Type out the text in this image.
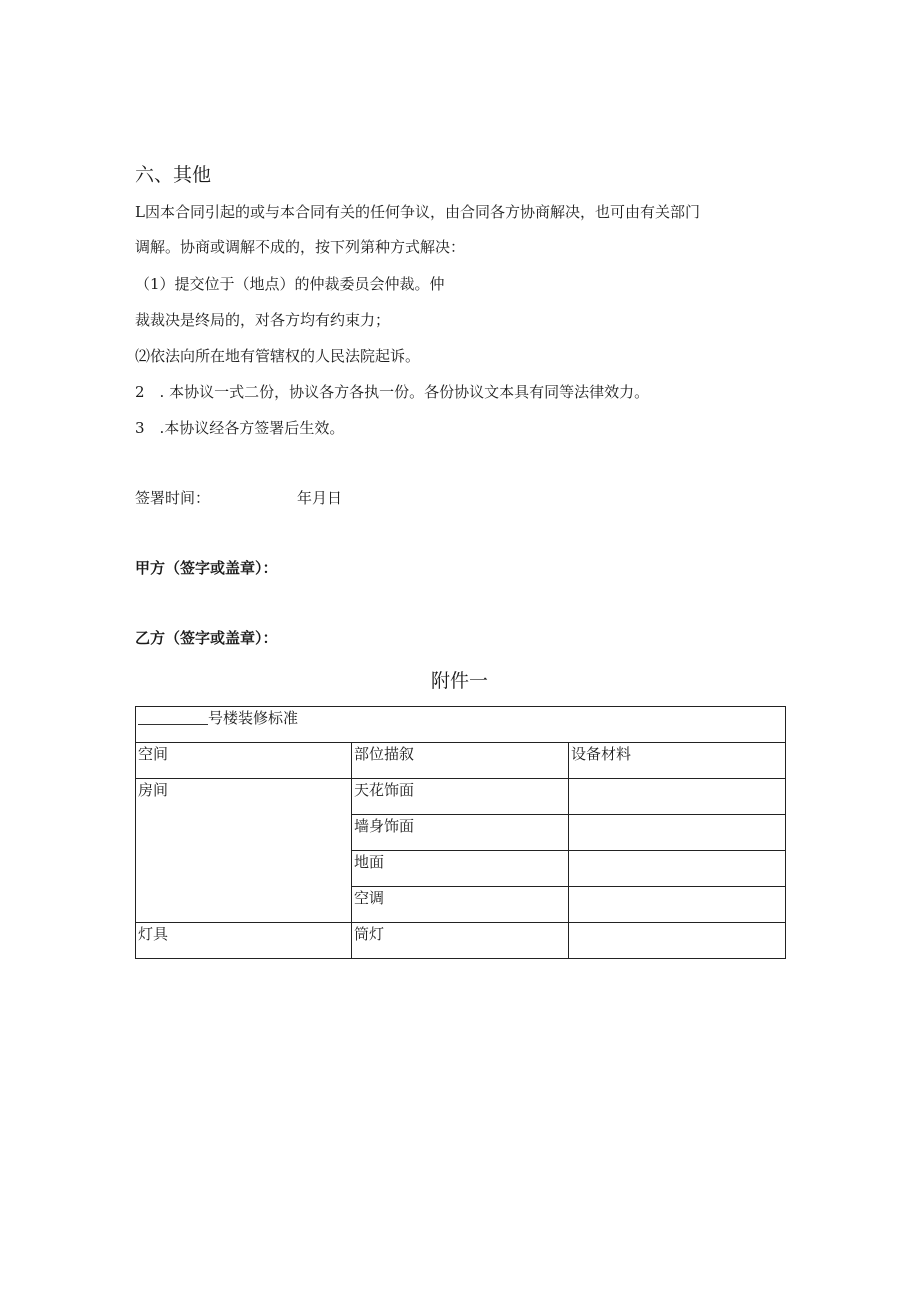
六、其他
L因本合同引起的或与本合同有关的任何争议，由合同各方协商解决，也可由有关部门
调解。协商或调解不成的，按下列第种方式解决：
（1）提交位于（地点）的仲裁委员会仲裁。仲
裁裁决是终局的，对各方均有约束力；
⑵依法向所在地有管辖权的人民法院起诉。
2　. 本协议一式二份，协议各方各执一份。各份协议文本具有同等法律效力。
3　.本协议经各方签署后生效。
签署时间：	年月日
甲方（签字或盖章）：
乙方（签字或盖章）：
附件一
号楼装修标准		
空间	部位描叙	设备材料
房间	天花饰面	
	墙身饰面	
	地面	
	空调	
灯具	筒灯	
